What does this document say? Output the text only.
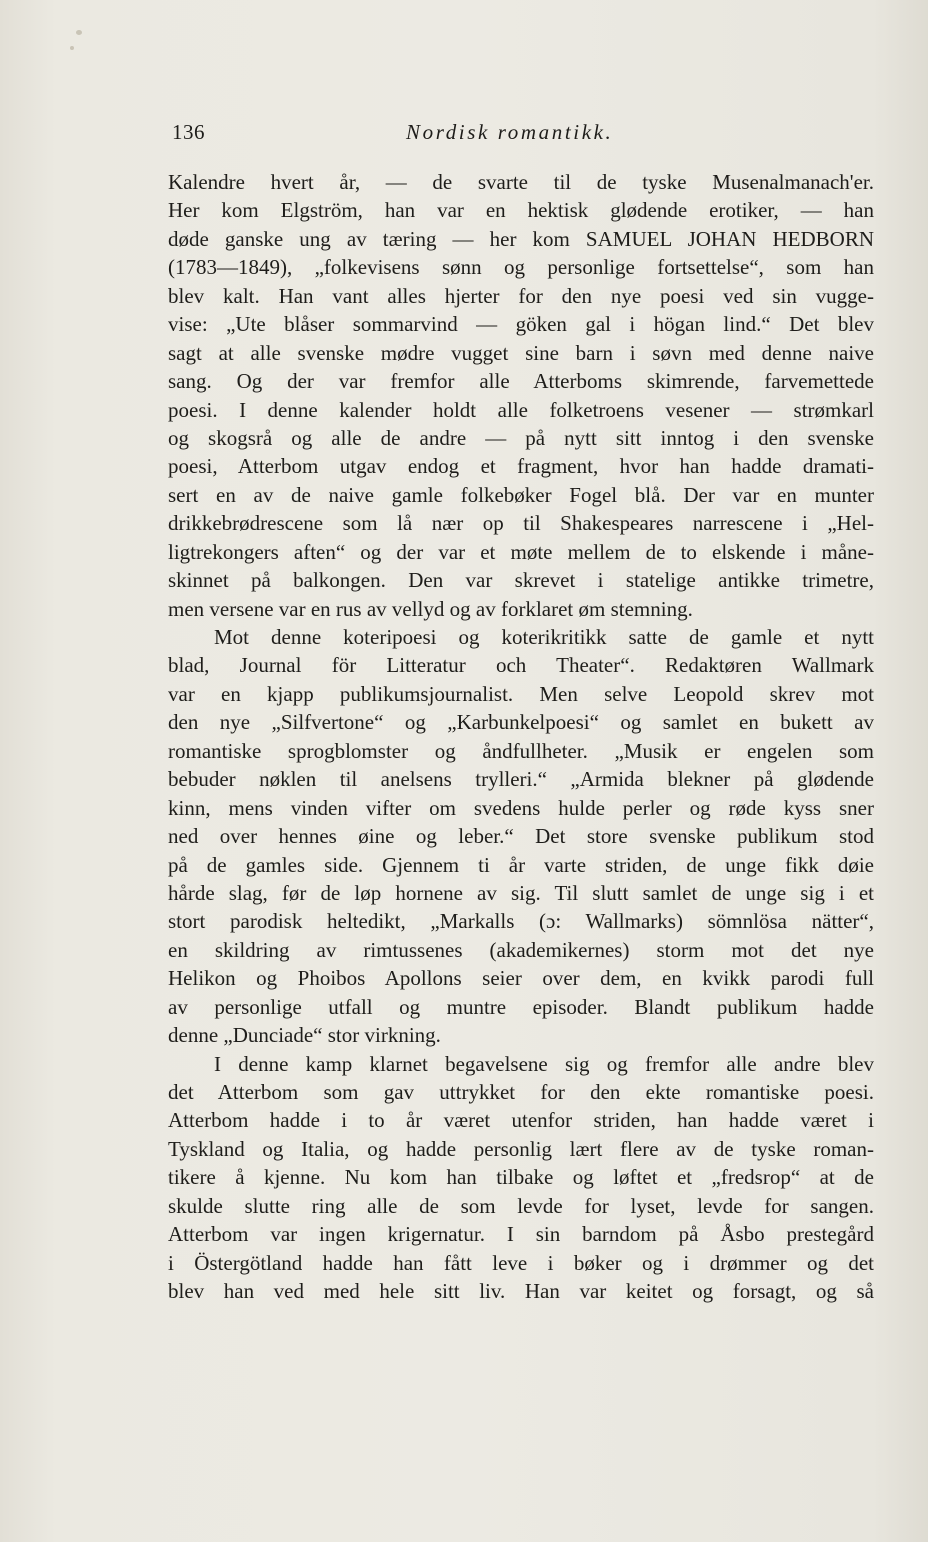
136	Nordisk romantikk.
Kalendre hvert år, — de svarte til de tyske Musenalmanach'er.
Her kom Elgström, han var en hektisk glødende erotiker, — han
døde ganske ung av tæring — her kom SAMUEL JOHAN HEDBORN
(1783—1849), „folkevisens sønn og personlige fortsettelse“, som han
blev kalt. Han vant alles hjerter for den nye poesi ved sin vugge-
vise: „Ute blåser sommarvind — göken gal i högan lind.“ Det blev
sagt at alle svenske mødre vugget sine barn i søvn med denne naive
sang. Og der var fremfor alle Atterboms skimrende, farvemettede
poesi. I denne kalender holdt alle folketroens vesener — strømkarl
og skogsrå og alle de andre — på nytt sitt inntog i den svenske
poesi, Atterbom utgav endog et fragment, hvor han hadde dramati-
sert en av de naive gamle folkebøker Fogel blå. Der var en munter
drikkebrødrescene som lå nær op til Shakespeares narrescene i „Hel-
ligtrekongers aften“ og der var et møte mellem de to elskende i måne-
skinnet på balkongen. Den var skrevet i statelige antikke trimetre,
men versene var en rus av vellyd og av forklaret øm stemning.
Mot denne koteripoesi og koterikritikk satte de gamle et nytt
blad, Journal för Litteratur och Theater“. Redaktøren Wallmark
var en kjapp publikumsjournalist. Men selve Leopold skrev mot
den nye „Silfvertone“ og „Karbunkelpoesi“ og samlet en bukett av
romantiske sprogblomster og åndfullheter. „Musik er engelen som
bebuder nøklen til anelsens trylleri.“ „Armida blekner på glødende
kinn, mens vinden vifter om svedens hulde perler og røde kyss sner
ned over hennes øine og leber.“ Det store svenske publikum stod
på de gamles side. Gjennem ti år varte striden, de unge fikk døie
hårde slag, før de løp hornene av sig. Til slutt samlet de unge sig i et
stort parodisk heltedikt, „Markalls (ɔ: Wallmarks) sömnlösa nätter“,
en skildring av rimtussenes (akademikernes) storm mot det nye
Helikon og Phoibos Apollons seier over dem, en kvikk parodi full
av personlige utfall og muntre episoder. Blandt publikum hadde
denne „Dunciade“ stor virkning.
I denne kamp klarnet begavelsene sig og fremfor alle andre blev
det Atterbom som gav uttrykket for den ekte romantiske poesi.
Atterbom hadde i to år været utenfor striden, han hadde været i
Tyskland og Italia, og hadde personlig lært flere av de tyske roman-
tikere å kjenne. Nu kom han tilbake og løftet et „fredsrop“ at de
skulde slutte ring alle de som levde for lyset, levde for sangen.
Atterbom var ingen krigernatur. I sin barndom på Åsbo prestegård
i Östergötland hadde han fått leve i bøker og i drømmer og det
blev han ved med hele sitt liv. Han var keitet og forsagt, og så
